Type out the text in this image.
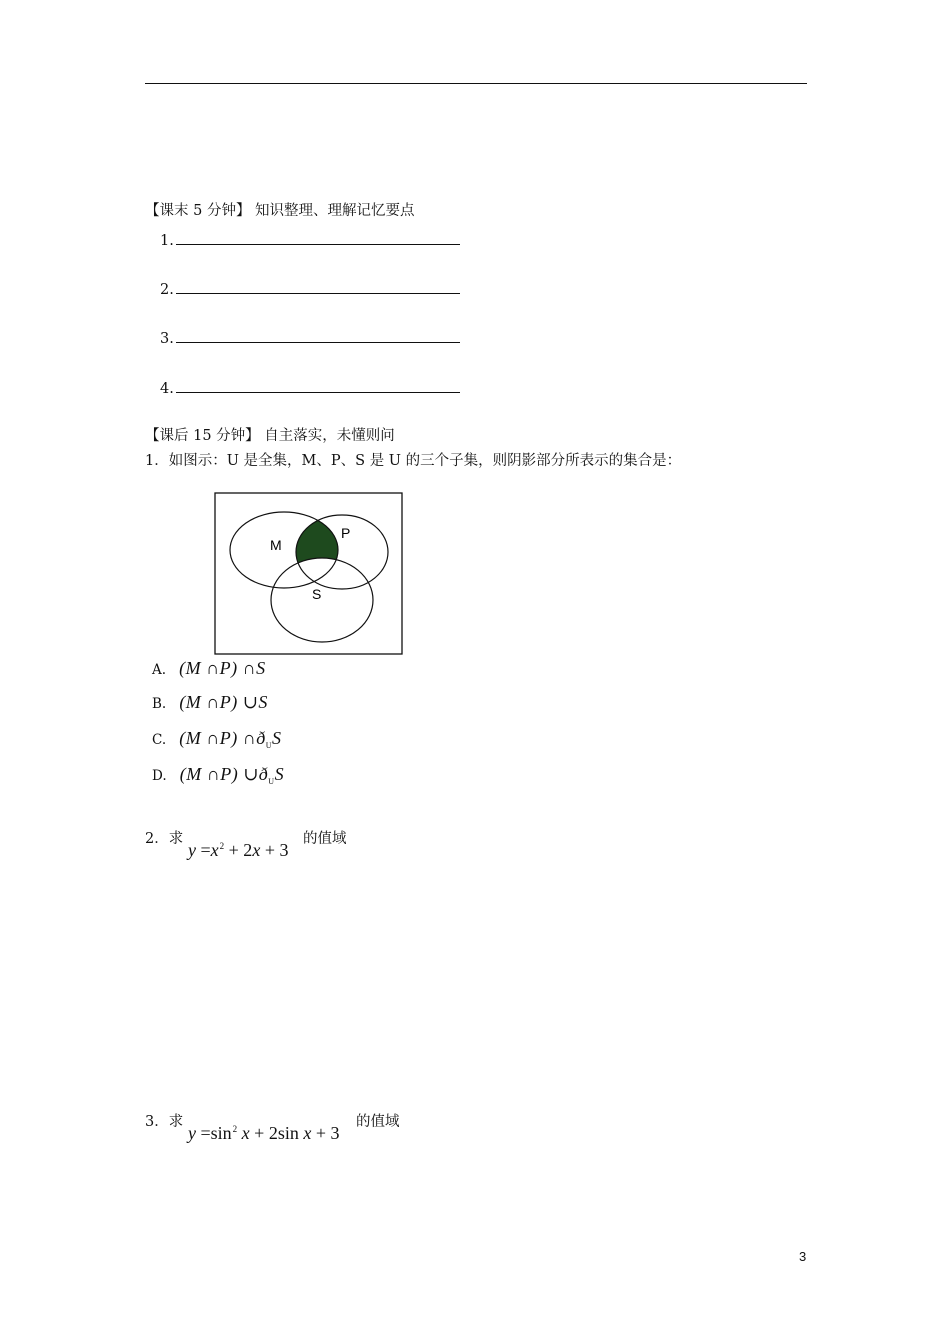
【课末 5 分钟】 知识整理、理解记忆要点
1.
2.
3.
4.
【课后 15 分钟】 自主落实，未懂则问
1．如图示：U 是全集，M、P、S 是 U 的三个子集，则阴影部分所表示的集合是：
M
P
S
A. (M ∩P) ∩S
B. (M ∩P) ∪S
C. (M ∩P) $\cap ð_US$
D. (M ∩P) $\cup ð_US$
2．求
$y =x^2 + 2x + 3$
的值域
3．求
$y =\sin^2$ x + 2sin x + 3
的值域
3
